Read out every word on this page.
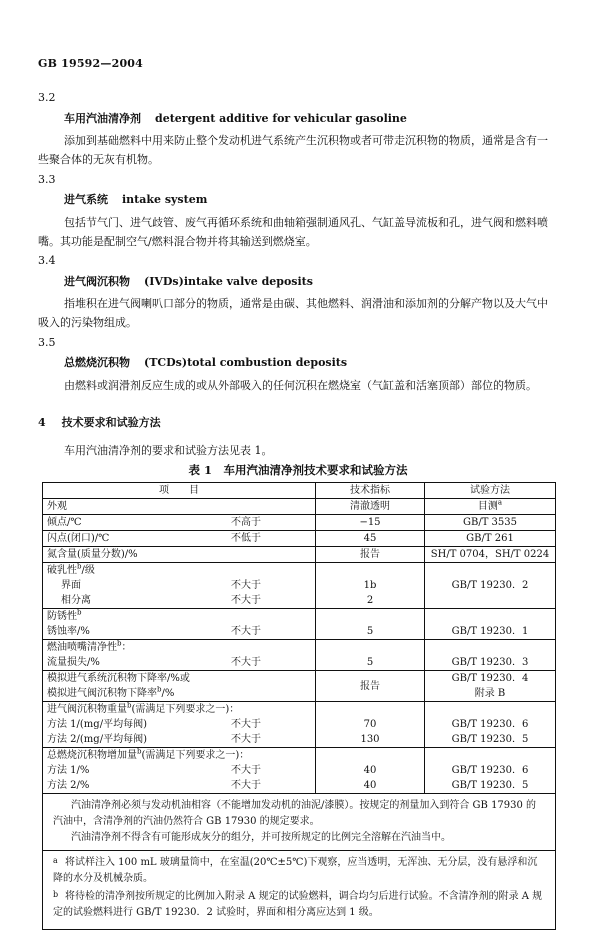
GB 19592—2004
3.2
车用汽油清净剂 detergent additive for vehicular gasoline
添加到基础燃料中用来防止整个发动机进气系统产生沉积物或者可带走沉积物的物质，通常是含有一些聚合体的无灰有机物。
3.3
进气系统 intake system
包括节气门、进气歧管、废气再循环系统和曲轴箱强制通风孔、气缸盖导流板和孔，进气阀和燃料喷嘴。其功能是配制空气/燃料混合物并将其输送到燃烧室。
3.4
进气阀沉积物 (IVDs)intake valve deposits
指堆积在进气阀喇叭口部分的物质，通常是由碳、其他燃料、润滑油和添加剂的分解产物以及大气中吸入的污染物组成。
3.5
总燃烧沉积物 (TCDs)total combustion deposits
由燃料或润滑剂反应生成的或从外部吸入的任何沉积在燃烧室（气缸盖和活塞顶部）部位的物质。
4 技术要求和试验方法
车用汽油清净剂的要求和试验方法见表 1。
表 1　车用汽油清净剂技术要求和试验方法
项　　目	技术指标	试验方法
外观	清澈透明	目测$^a$
倾点/℃ 不高于	−15	GB/T 3535
闪点(闭口)/℃ 不低于	45	GB/T 261
氮含量(质量分数)/%	报告	SH/T 0704，SH/T 0224
破乳性$^b$/级		GB/T 19230．2
界面 不大于	1b	
相分离 不大于	2	
防锈性$^b$		
锈蚀率/% 不大于	5	GB/T 19230．1
燃油喷嘴清净性$^b$：		
流量损失/% 不大于	5	GB/T 19230．3
模拟进气系统沉积物下降率/%或	报告	GB/T 19230．4
模拟进气阀沉积物下降率$^b$/%		附录 B
进气阀沉积物重量$^b$(需满足下列要求之一)：		
方法 1/(mg/平均每阀) 不大于	70	GB/T 19230．6
方法 2/(mg/平均每阀) 不大于	130	GB/T 19230．5
总燃烧沉积物增加量$^b$(需满足下列要求之一)：		
方法 1/% 不大于	40	GB/T 19230．6
方法 2/% 不大于	40	GB/T 19230．5

汽油清净剂必须与发动机油相容（不能增加发动机的油泥/漆膜）。按规定的剂量加入到符合 GB 17930 的汽油中，含清净剂的汽油仍然符合 GB 17930 的规定要求。

汽油清净剂不得含有可能形成灰分的组分，并可按所规定的比例完全溶解在汽油当中。

a 将试样注入 100 mL 玻璃量筒中，在室温(20℃±5℃)下观察，应当透明，无浑浊、无分层，没有悬浮和沉降的水分及机械杂质。

b 将待检的清净剂按所规定的比例加入附录 A 规定的试验燃料，调合均匀后进行试验。不含清净剂的附录 A 规定的试验燃料进行 GB/T 19230．2 试验时，界面和相分离应达到 1 级。
